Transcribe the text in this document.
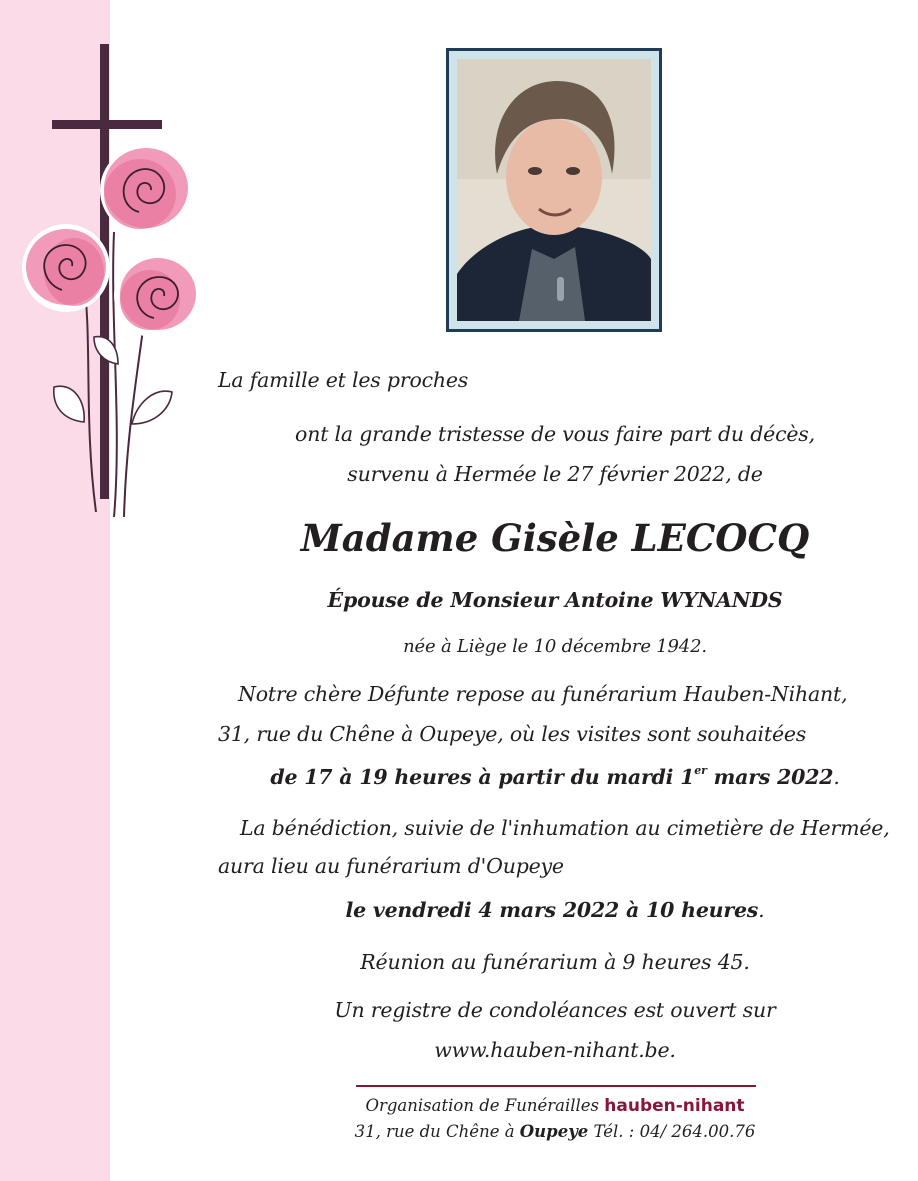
La famille et les proches
ont la grande tristesse de vous faire part du décès,
survenu à Hermée le 27 février 2022, de
Madame Gisèle LECOCQ
Épouse de Monsieur Antoine WYNANDS
née à Liège le 10 décembre 1942.
Notre chère Défunte repose au funérarium Hauben-Nihant,
31, rue du Chêne à Oupeye, où les visites sont souhaitées
de 17 à 19 heures à partir du mardi 1er mars 2022.
La bénédiction, suivie de l'inhumation au cimetière de Hermée,
aura lieu au funérarium d'Oupeye
le vendredi 4 mars 2022 à 10 heures.
Réunion au funérarium à 9 heures 45.
Un registre de condoléances est ouvert sur
www.hauben-nihant.be.
Organisation de Funérailles hauben-nihant
31, rue du Chêne à Oupeye Tél. : 04/ 264.00.76
